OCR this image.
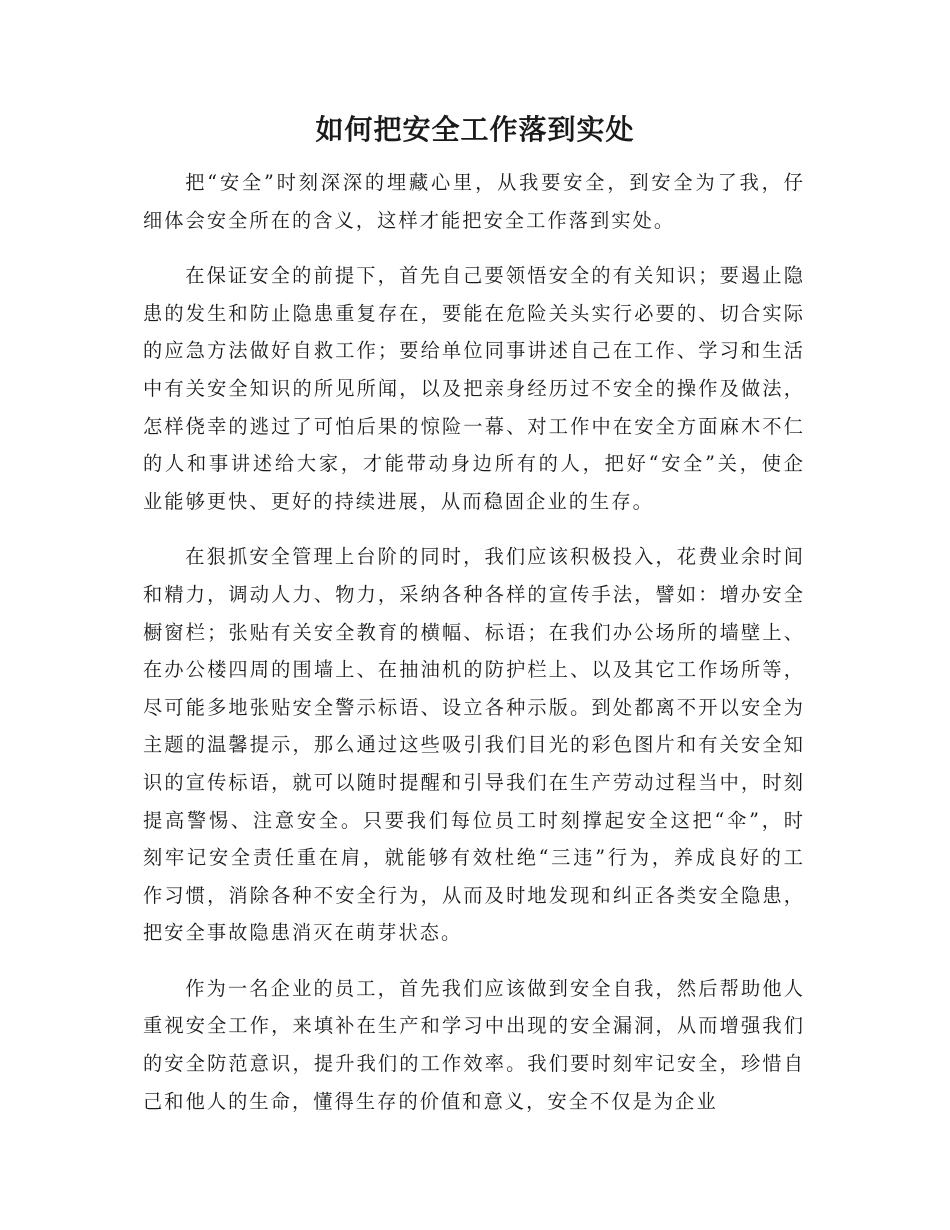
如何把安全工作落到实处

把“安全”时刻深深的埋藏心里，从我要安全，到安全为了我，仔细体会安全所在的含义，这样才能把安全工作落到实处。

在保证安全的前提下，首先自己要领悟安全的有关知识；要遏止隐患的发生和防止隐患重复存在，要能在危险关头实行必要的、切合实际的应急方法做好自救工作；要给单位同事讲述自己在工作、学习和生活中有关安全知识的所见所闻，以及把亲身经历过不安全的操作及做法，怎样侥幸的逃过了可怕后果的惊险一幕、对工作中在安全方面麻木不仁的人和事讲述给大家，才能带动身边所有的人，把好“安全”关，使企业能够更快、更好的持续进展，从而稳固企业的生存。

在狠抓安全管理上台阶的同时，我们应该积极投入，花费业余时间和精力，调动人力、物力，采纳各种各样的宣传手法，譬如：增办安全橱窗栏；张贴有关安全教育的横幅、标语；在我们办公场所的墙壁上、在办公楼四周的围墙上、在抽油机的防护栏上、以及其它工作场所等，尽可能多地张贴安全警示标语、设立各种示版。到处都离不开以安全为主题的温馨提示，那么通过这些吸引我们目光的彩色图片和有关安全知识的宣传标语，就可以随时提醒和引导我们在生产劳动过程当中，时刻提高警惕、注意安全。只要我们每位员工时刻撑起安全这把“伞”，时刻牢记安全责任重在肩，就能够有效杜绝“三违”行为，养成良好的工作习惯，消除各种不安全行为，从而及时地发现和纠正各类安全隐患，把安全事故隐患消灭在萌芽状态。

作为一名企业的员工，首先我们应该做到安全自我，然后帮助他人重视安全工作，来填补在生产和学习中出现的安全漏洞，从而增强我们的安全防范意识，提升我们的工作效率。我们要时刻牢记安全，珍惜自己和他人的生命，懂得生存的价值和意义，安全不仅是为企业
